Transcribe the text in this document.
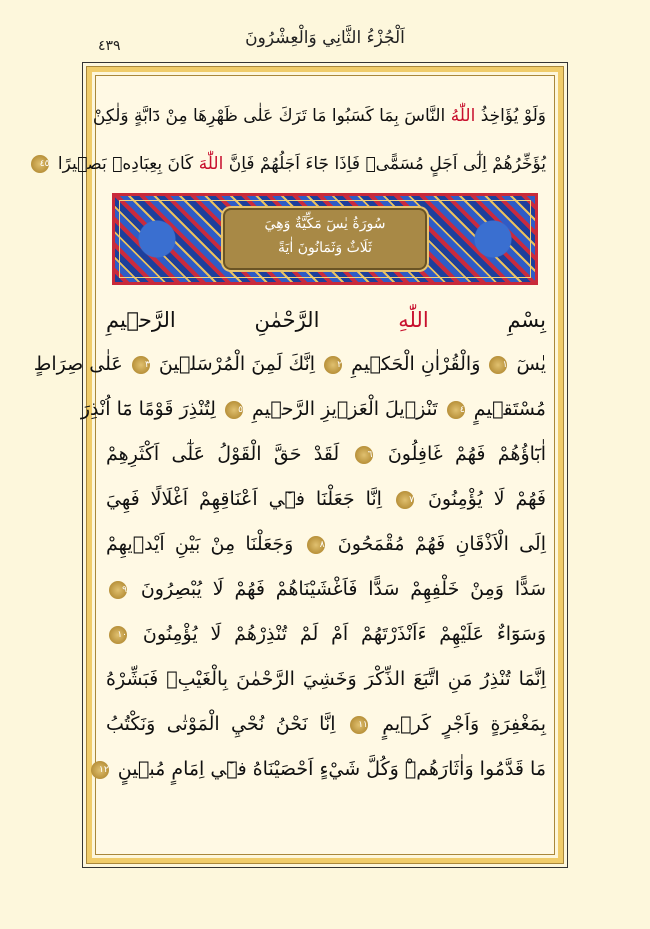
٤٣٩	اَلْجُزْءُ الثَّانِي وَالْعِشْرُونَ
وَلَوْ يُؤَاخِذُ اللّٰهُ النَّاسَ بِمَا كَسَبُوا مَا تَرَكَ عَلٰى ظَهْرِهَا مِنْ دَٓابَّةٍ وَلٰكِنْ
يُؤَخِّرُهُمْ اِلٰٓى اَجَلٍ مُسَمًّىۚ فَاِذَا جَٓاءَ اَجَلُهُمْ فَاِنَّ اللّٰهَ كَانَ بِعِبَادِه۪ بَص۪يرًا ٤٥
سُورَةُ يٰسٓ مَكِّيَّةٌ وَهِيَ
ثَلَاثٌ وَثَمَانُونَ اٰيَةً
بِسْمِ اللّٰهِ الرَّحْمٰنِ الرَّح۪يمِ
يٰسٓ ١ وَالْقُرْاٰنِ الْحَك۪يمِ ٢ اِنَّكَ لَمِنَ الْمُرْسَل۪ينَ ٣ عَلٰى صِرَاطٍ
مُسْتَق۪يمٍ ٤ تَنْز۪يلَ الْعَز۪يزِ الرَّح۪يمِ ٥ لِتُنْذِرَ قَوْمًا مَٓا اُنْذِرَ
اٰبَٓاؤُهُمْ فَهُمْ غَافِلُونَ ٦ لَقَدْ حَقَّ الْقَوْلُ عَلٰٓى اَكْثَرِهِمْ
فَهُمْ لَا يُؤْمِنُونَ ٧ اِنَّا جَعَلْنَا ف۪ٓي اَعْنَاقِهِمْ اَغْلَالًا فَهِيَ
اِلَى الْاَذْقَانِ فَهُمْ مُقْمَحُونَ ٨ وَجَعَلْنَا مِنْ بَيْنِ اَيْد۪يهِمْ
سَدًّا وَمِنْ خَلْفِهِمْ سَدًّا فَاَغْشَيْنَاهُمْ فَهُمْ لَا يُبْصِرُونَ ٩
وَسَوَٓاءٌ عَلَيْهِمْ ءَاَنْذَرْتَهُمْ اَمْ لَمْ تُنْذِرْهُمْ لَا يُؤْمِنُونَ ١٠
اِنَّمَا تُنْذِرُ مَنِ اتَّبَعَ الذِّكْرَ وَخَشِيَ الرَّحْمٰنَ بِالْغَيْبِۚ فَبَشِّرْهُ
بِمَغْفِرَةٍ وَاَجْرٍ كَر۪يمٍ ١١ اِنَّا نَحْنُ نُحْيِ الْمَوْتٰى وَنَكْتُبُ
مَا قَدَّمُوا وَاٰثَارَهُمْۜ وَكُلَّ شَيْءٍ اَحْصَيْنَاهُ ف۪ٓي اِمَامٍ مُب۪ينٍ ١٢
